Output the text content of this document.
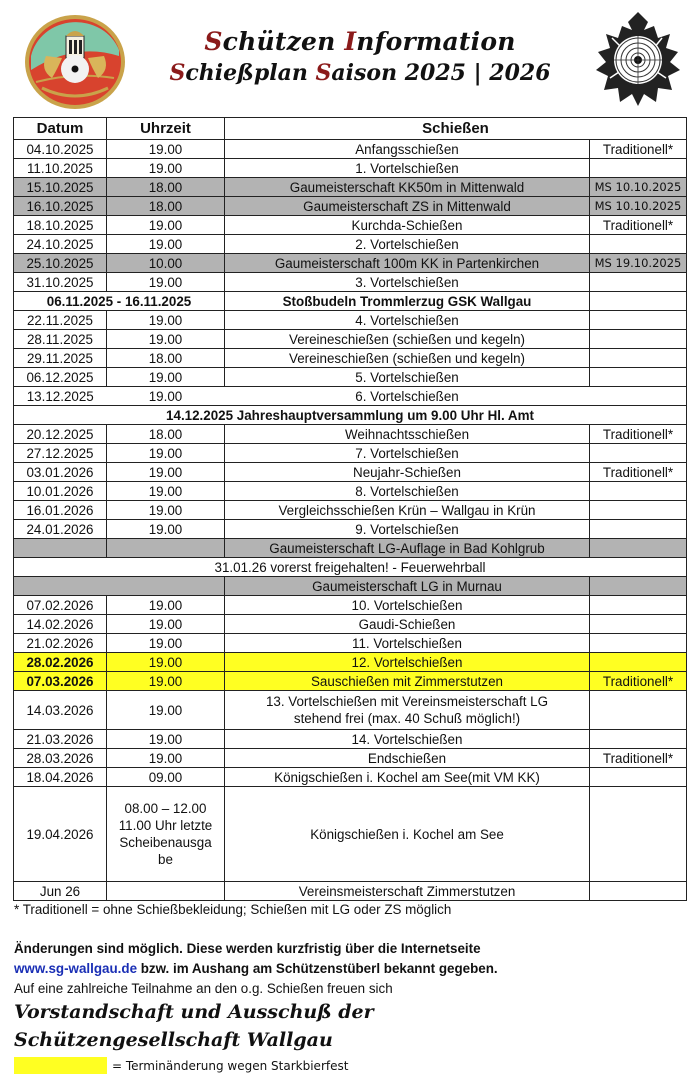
Schützen Information
Schießplan Saison 2025 | 2026
Datum	Uhrzeit	Schießen	
04.10.2025	19.00	Anfangsschießen	Traditionell*
11.10.2025	19.00	1. Vortelschießen	
15.10.2025	18.00	Gaumeisterschaft KK50m in Mittenwald	MS 10.10.2025
16.10.2025	18.00	Gaumeisterschaft ZS in Mittenwald	MS 10.10.2025
18.10.2025	19.00	Kurchda-Schießen	Traditionell*
24.10.2025	19.00	2. Vortelschießen	
25.10.2025	10.00	Gaumeisterschaft 100m KK in Partenkirchen	MS 19.10.2025
31.10.2025	19.00	3. Vortelschießen	
06.11.2025 - 16.11.2025		Stoßbudeln Trommlerzug GSK Wallgau	
22.11.2025	19.00	4. Vortelschießen	
28.11.2025	19.00	Vereineschießen (schießen und kegeln)	
29.11.2025	18.00	Vereineschießen (schießen und kegeln)	
06.12.2025	19.00	5. Vortelschießen	
13.12.2025	19.00	6. Vortelschießen	
14.12.2025 Jahreshauptversammlung um 9.00 Uhr Hl. Amt			
20.12.2025	18.00	Weihnachtsschießen	Traditionell*
27.12.2025	19.00	7. Vortelschießen	
03.01.2026	19.00	Neujahr-Schießen	Traditionell*
10.01.2026	19.00	8. Vortelschießen	
16.01.2026	19.00	Vergleichsschießen Krün – Wallgau in Krün	
24.01.2026	19.00	9. Vortelschießen	
		Gaumeisterschaft LG-Auflage in Bad Kohlgrub	
31.01.26 vorerst freigehalten! - Feuerwehrball			
		Gaumeisterschaft LG in Murnau	
07.02.2026	19.00	10. Vortelschießen	
14.02.2026	19.00	Gaudi-Schießen	
21.02.2026	19.00	11. Vortelschießen	
28.02.2026	19.00	12. Vortelschießen	
07.03.2026	19.00	Sauschießen mit Zimmerstutzen	Traditionell*
14.03.2026	19.00	13. Vortelschießen mit Vereinsmeisterschaft LG
stehend frei (max. 40 Schuß möglich!)	

21.03.2026	19.00	14. Vortelschießen	
28.03.2026	19.00	Endschießen	Traditionell*
18.04.2026	09.00	Königschießen i. Kochel am See(mit VM KK)	
19.04.2026	08.00 – 12.00
11.00 Uhr letzte
Scheibenausga
be	Königschießen i. Kochel am See	
Jun 26		Vereinsmeisterschaft Zimmerstutzen	
* Traditionell = ohne Schießbekleidung; Schießen mit LG oder ZS möglich
Änderungen sind möglich. Diese werden kurzfristig über die Internetseite
www.sg-wallgau.de bzw. im Aushang am Schützenstüberl bekannt gegeben.
Auf eine zahlreiche Teilnahme an den o.g. Schießen freuen sich
Vorstandschaft und Ausschuß der
Schützengesellschaft Wallgau
= Terminänderung wegen Starkbierfest
